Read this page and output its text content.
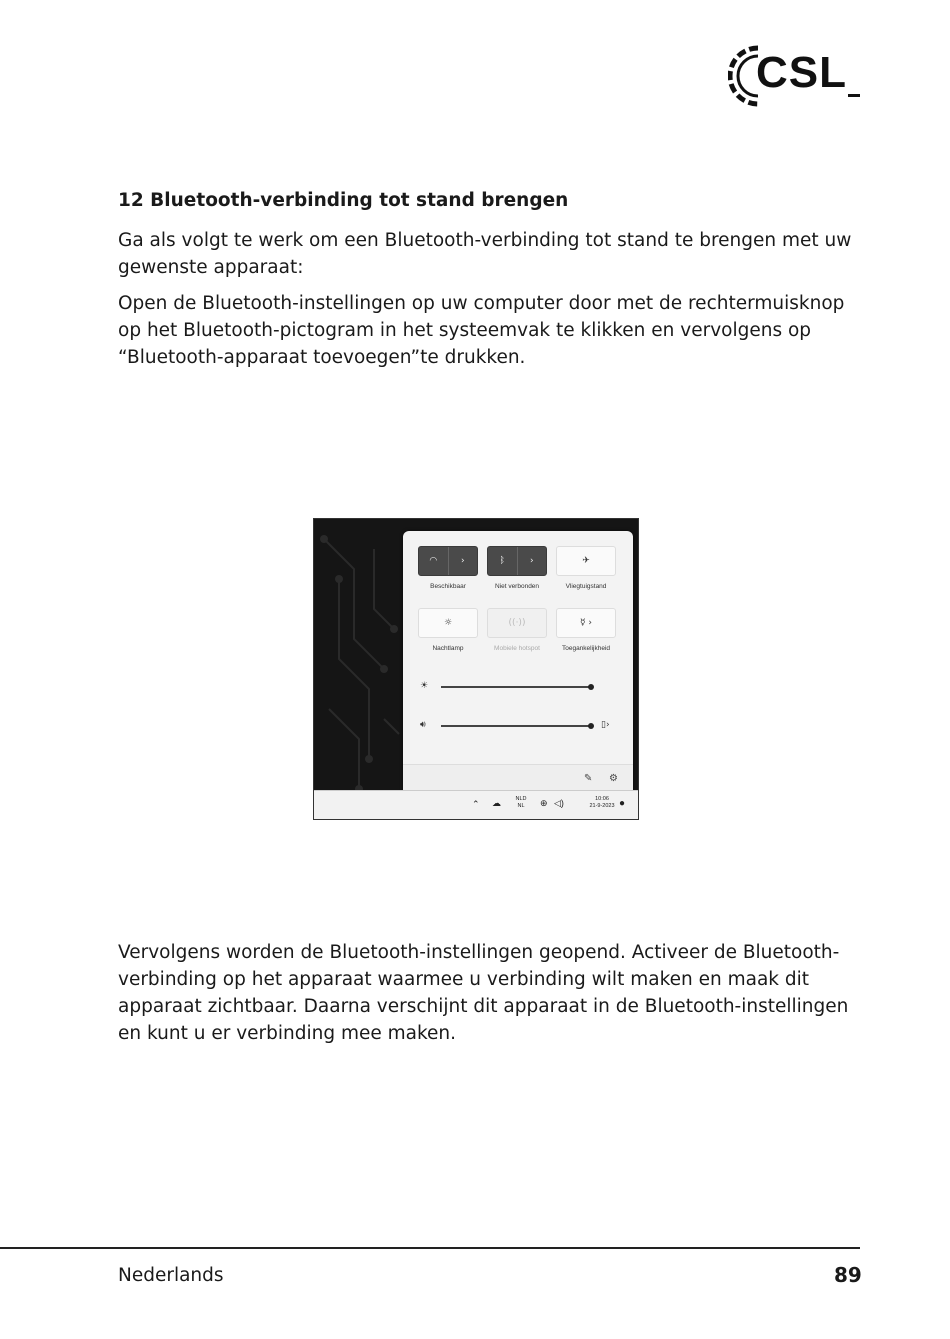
CSL
12 Bluetooth-verbinding tot stand brengen

Ga als volgt te werk om een Bluetooth-verbinding tot stand te brengen met uw gewenste apparaat:

Open de Bluetooth-instellingen op uw computer door met de rechtermuisknop op het Bluetooth-pictogram in het systeemvak te klikken en vervolgens op “Bluetooth-apparaat toevoegen”te drukken.

◠	›
Beschikbaar
ᛒ	›
Niet verbonden
✈
Vliegtuigstand
☼
Nachtlamp
((·))
Mobiele hotspot
☿ ›
Toegankelijkheid
☀
🔊︎	▯›
✎ ⚙
⌃ ☁	NLD
NL	⊕ ◁)	10:06
21-9-2023 ●

Vervolgens worden de Bluetooth-instellingen geopend. Activeer de Bluetooth-verbinding op het apparaat waarmee u verbinding wilt maken en maak dit apparaat zichtbaar. Daarna verschijnt dit apparaat in de Bluetooth-instellingen en kunt u er verbinding mee maken.

Nederlands	89
